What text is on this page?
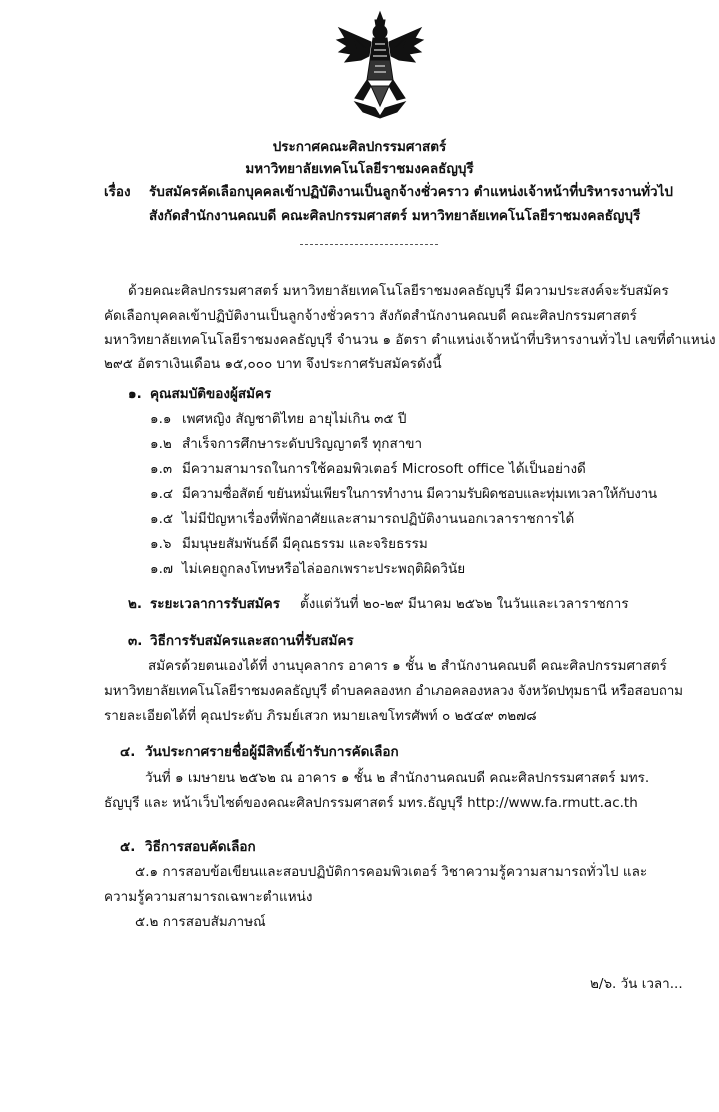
ประกาศคณะศิลปกรรมศาสตร์
มหาวิทยาลัยเทคโนโลยีราชมงคลธัญบุรี
เรื่อง รับสมัครคัดเลือกบุคคลเข้าปฏิบัติงานเป็นลูกจ้างชั่วคราว ตำแหน่งเจ้าหน้าที่บริหารงานทั่วไป
สังกัดสำนักงานคณบดี คณะศิลปกรรมศาสตร์ มหาวิทยาลัยเทคโนโลยีราชมงคลธัญบุรี
ด้วยคณะศิลปกรรมศาสตร์ มหาวิทยาลัยเทคโนโลยีราชมงคลธัญบุรี มีความประสงค์จะรับสมัคร
คัดเลือกบุคคลเข้าปฏิบัติงานเป็นลูกจ้างชั่วคราว สังกัดสำนักงานคณบดี คณะศิลปกรรมศาสตร์
มหาวิทยาลัยเทคโนโลยีราชมงคลธัญบุรี จำนวน ๑ อัตรา ตำแหน่งเจ้าหน้าที่บริหารงานทั่วไป เลขที่ตำแหน่ง
๒๙๕ อัตราเงินเดือน ๑๕,๐๐๐ บาท จึงประกาศรับสมัครดังนี้
๑. คุณสมบัติของผู้สมัคร
๑.๑ เพศหญิง สัญชาติไทย อายุไม่เกิน ๓๕ ปี
๑.๒ สำเร็จการศึกษาระดับปริญญาตรี ทุกสาขา
๑.๓ มีความสามารถในการใช้คอมพิวเตอร์ Microsoft office ได้เป็นอย่างดี
๑.๔ มีความซื่อสัตย์ ขยันหมั่นเพียรในการทำงาน มีความรับผิดชอบและทุ่มเทเวลาให้กับงาน
๑.๕ ไม่มีปัญหาเรื่องที่พักอาศัยและสามารถปฏิบัติงานนอกเวลาราชการได้
๑.๖ มีมนุษยสัมพันธ์ดี มีคุณธรรม และจริยธรรม
๑.๗ ไม่เคยถูกลงโทษหรือไล่ออกเพราะประพฤติผิดวินัย
๒. ระยะเวลาการรับสมัคร ตั้งแต่วันที่ ๒๐-๒๙ มีนาคม ๒๕๖๒ ในวันและเวลาราชการ
๓. วิธีการรับสมัครและสถานที่รับสมัคร
สมัครด้วยตนเองได้ที่ งานบุคลากร อาคาร ๑ ชั้น ๒ สำนักงานคณบดี คณะศิลปกรรมศาสตร์
มหาวิทยาลัยเทคโนโลยีราชมงคลธัญบุรี ตำบลคลองหก อำเภอคลองหลวง จังหวัดปทุมธานี หรือสอบถาม
รายละเอียดได้ที่ คุณประดับ ภิรมย์เสวก หมายเลขโทรศัพท์ ๐ ๒๕๔๙ ๓๒๗๘
๔. วันประกาศรายชื่อผู้มีสิทธิ์เข้ารับการคัดเลือก
วันที่ ๑ เมษายน ๒๕๖๒ ณ อาคาร ๑ ชั้น ๒ สำนักงานคณบดี คณะศิลปกรรมศาสตร์ มทร.
ธัญบุรี และ หน้าเว็บไซต์ของคณะศิลปกรรมศาสตร์ มทร.ธัญบุรี http://www.fa.rmutt.ac.th
๕. วิธีการสอบคัดเลือก
๕.๑ การสอบข้อเขียนและสอบปฏิบัติการคอมพิวเตอร์ วิชาความรู้ความสามารถทั่วไป และ
ความรู้ความสามารถเฉพาะตำแหน่ง
๕.๒ การสอบสัมภาษณ์
๒/๖. วัน เวลา...
